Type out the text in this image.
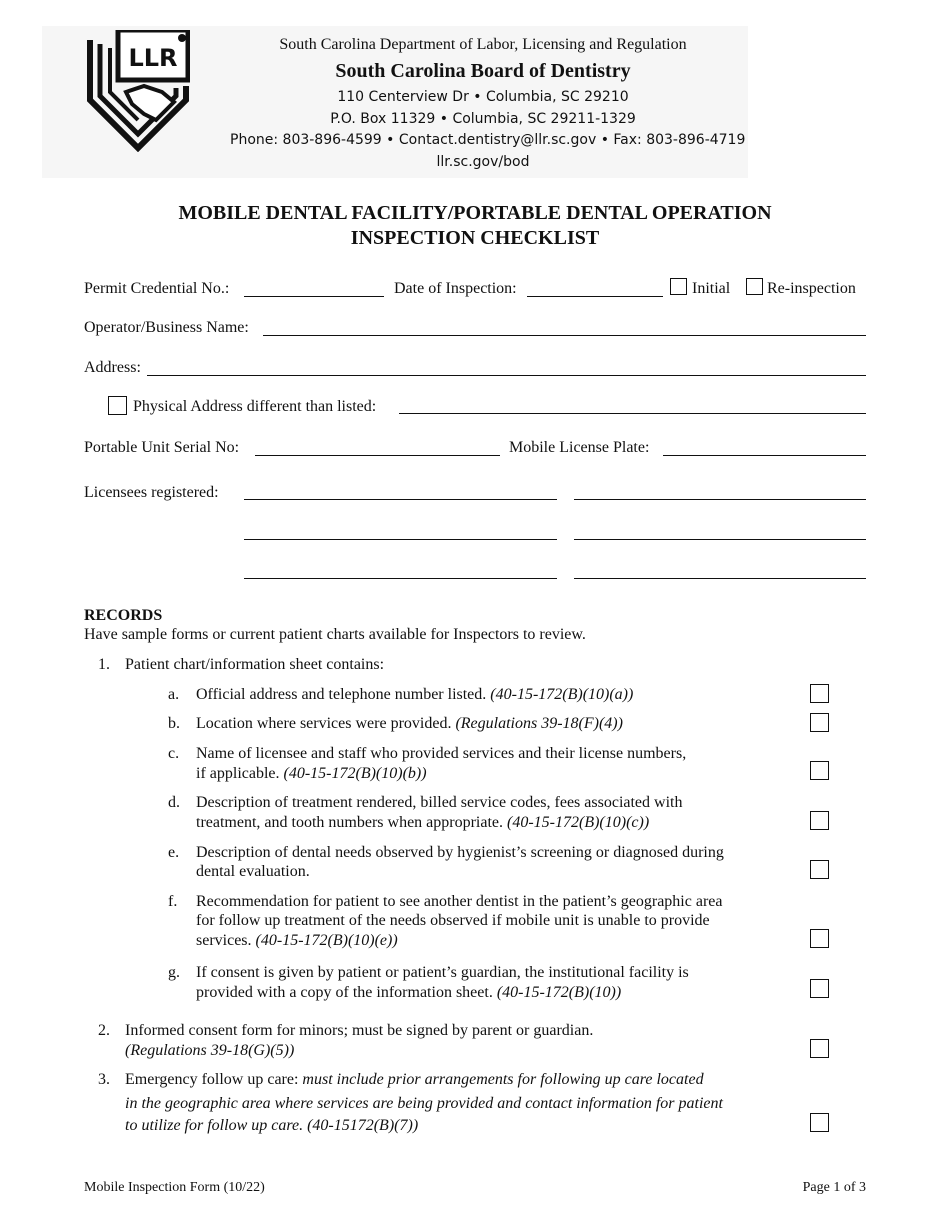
LLR	South Carolina Department of Labor, Licensing and Regulation
South Carolina Board of Dentistry
110 Centerview Dr • Columbia, SC 29210
P.O. Box 11329 • Columbia, SC 29211-1329
Phone: 803-896-4599 • Contact.dentistry@llr.sc.gov • Fax: 803-896-4719
llr.sc.gov/bod
MOBILE DENTAL FACILITY/PORTABLE DENTAL OPERATION
INSPECTION CHECKLIST
Permit Credential No.:	Date of Inspection:	Initial Re-inspection
Operator/Business Name:
Address:
Physical Address different than listed:
Portable Unit Serial No:	Mobile License Plate:
Licensees registered:
RECORDS
Have sample forms or current patient charts available for Inspectors to review.
1. Patient chart/information sheet contains:
a. Official address and telephone number listed. (40-15-172(B)(10)(a))
b. Location where services were provided. (Regulations 39-18(F)(4))
c. Name of licensee and staff who provided services and their license numbers,
if applicable. (40-15-172(B)(10)(b))
d. Description of treatment rendered, billed service codes, fees associated with
treatment, and tooth numbers when appropriate. (40-15-172(B)(10)(c))
e. Description of dental needs observed by hygienist’s screening or diagnosed during
dental evaluation.
f. Recommendation for patient to see another dentist in the patient’s geographic area
for follow up treatment of the needs observed if mobile unit is unable to provide
services. (40-15-172(B)(10)(e))
g. If consent is given by patient or patient’s guardian, the institutional facility is
provided with a copy of the information sheet. (40-15-172(B)(10))
2. Informed consent form for minors; must be signed by parent or guardian.
(Regulations 39-18(G)(5))
3. Emergency follow up care: must include prior arrangements for following up care located
in the geographic area where services are being provided and contact information for patient
to utilize for follow up care. (40-15172(B)(7))
Mobile Inspection Form (10/22)	Page 1 of 3
